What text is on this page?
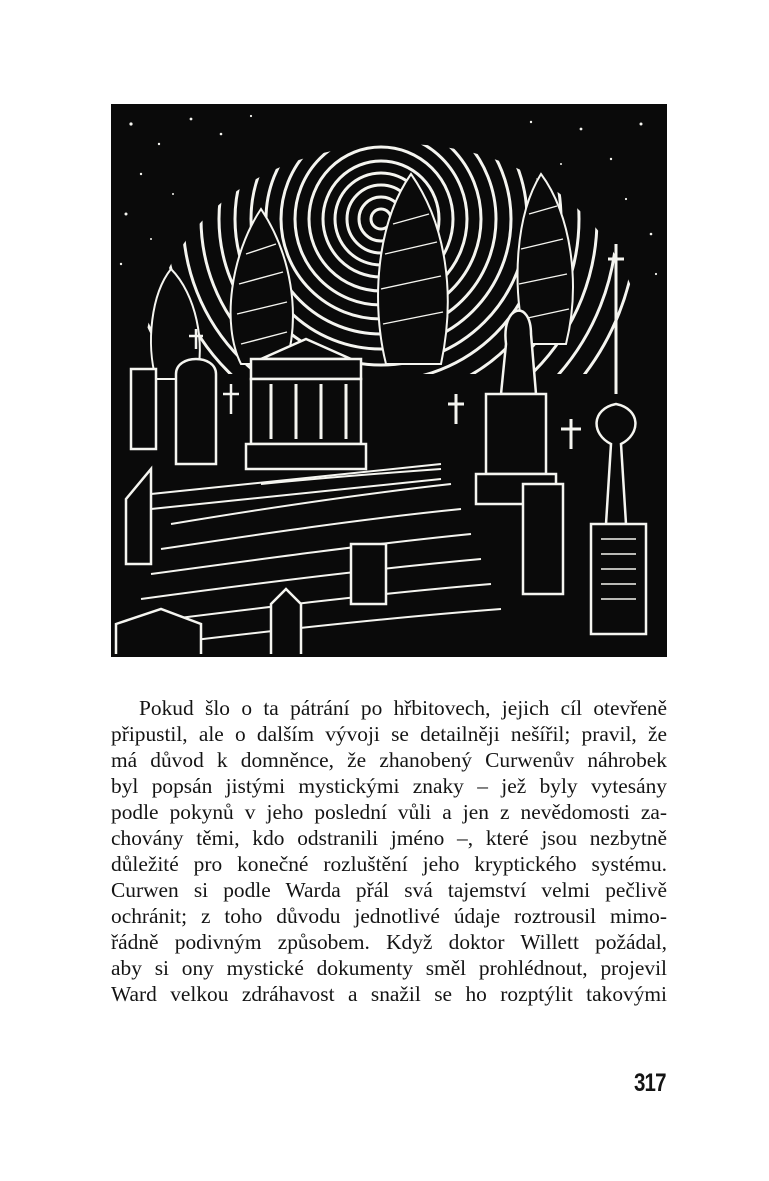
Pokud šlo o ta pátrání po hřbitovech, jejich cíl otevřeně
připustil, ale o dalším vývoji se detailněji nešířil; pravil, že
má důvod k domněnce, že zhanobený Curwenův náhrobek
byl popsán jistými mystickými znaky – jež byly vytesány
podle pokynů v jeho poslední vůli a jen z nevědomosti za-
chovány těmi, kdo odstranili jméno –, které jsou nezbytně
důležité pro konečné rozluštění jeho kryptického systému.
Curwen si podle Warda přál svá tajemství velmi pečlivě
ochránit; z toho důvodu jednotlivé údaje roztrousil mimo-
řádně podivným způsobem. Když doktor Willett požádal,
aby si ony mystické dokumenty směl prohlédnout, projevil
Ward velkou zdráhavost a snažil se ho rozptýlit takovými
317
